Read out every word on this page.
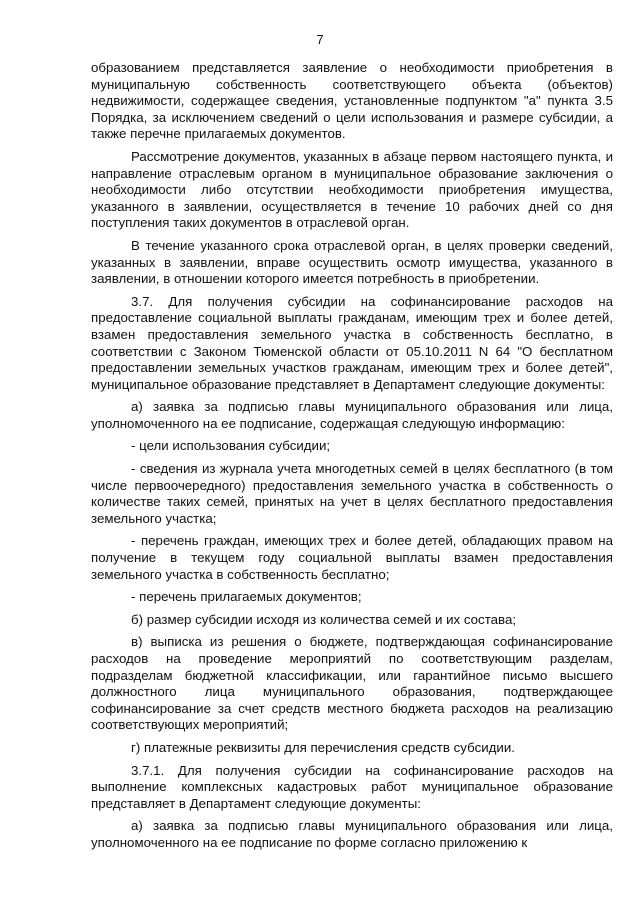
7

образованием представляется заявление о необходимости приобретения в муниципальную собственность соответствующего объекта (объектов) недвижимости, содержащее сведения, установленные подпунктом "а" пункта 3.5 Порядка, за исключением сведений о цели использования и размере субсидии, а также перечне прилагаемых документов.

Рассмотрение документов, указанных в абзаце первом настоящего пункта, и направление отраслевым органом в муниципальное образование заключения о необходимости либо отсутствии необходимости приобретения имущества, указанного в заявлении, осуществляется в течение 10 рабочих дней со дня поступления таких документов в отраслевой орган.

В течение указанного срока отраслевой орган, в целях проверки сведений, указанных в заявлении, вправе осуществить осмотр имущества, указанного в заявлении, в отношении которого имеется потребность в приобретении.

3.7. Для получения субсидии на софинансирование расходов на предоставление социальной выплаты гражданам, имеющим трех и более детей, взамен предоставления земельного участка в собственность бесплатно, в соответствии с Законом Тюменской области от 05.10.2011 N 64 "О бесплатном предоставлении земельных участков гражданам, имеющим трех и более детей", муниципальное образование представляет в Департамент следующие документы:

а) заявка за подписью главы муниципального образования или лица, уполномоченного на ее подписание, содержащая следующую информацию:

- цели использования субсидии;

- сведения из журнала учета многодетных семей в целях бесплатного (в том числе первоочередного) предоставления земельного участка в собственность о количестве таких семей, принятых на учет в целях бесплатного предоставления земельного участка;

- перечень граждан, имеющих трех и более детей, обладающих правом на получение в текущем году социальной выплаты взамен предоставления земельного участка в собственность бесплатно;

- перечень прилагаемых документов;

б) размер субсидии исходя из количества семей и их состава;

в) выписка из решения о бюджете, подтверждающая софинансирование расходов на проведение мероприятий по соответствующим разделам, подразделам бюджетной классификации, или гарантийное письмо высшего должностного лица муниципального образования, подтверждающее софинансирование за счет средств местного бюджета расходов на реализацию соответствующих мероприятий;

г) платежные реквизиты для перечисления средств субсидии.

3.7.1. Для получения субсидии на софинансирование расходов на выполнение комплексных кадастровых работ муниципальное образование представляет в Департамент следующие документы:

а) заявка за подписью главы муниципального образования или лица, уполномоченного на ее подписание по форме согласно приложению к
